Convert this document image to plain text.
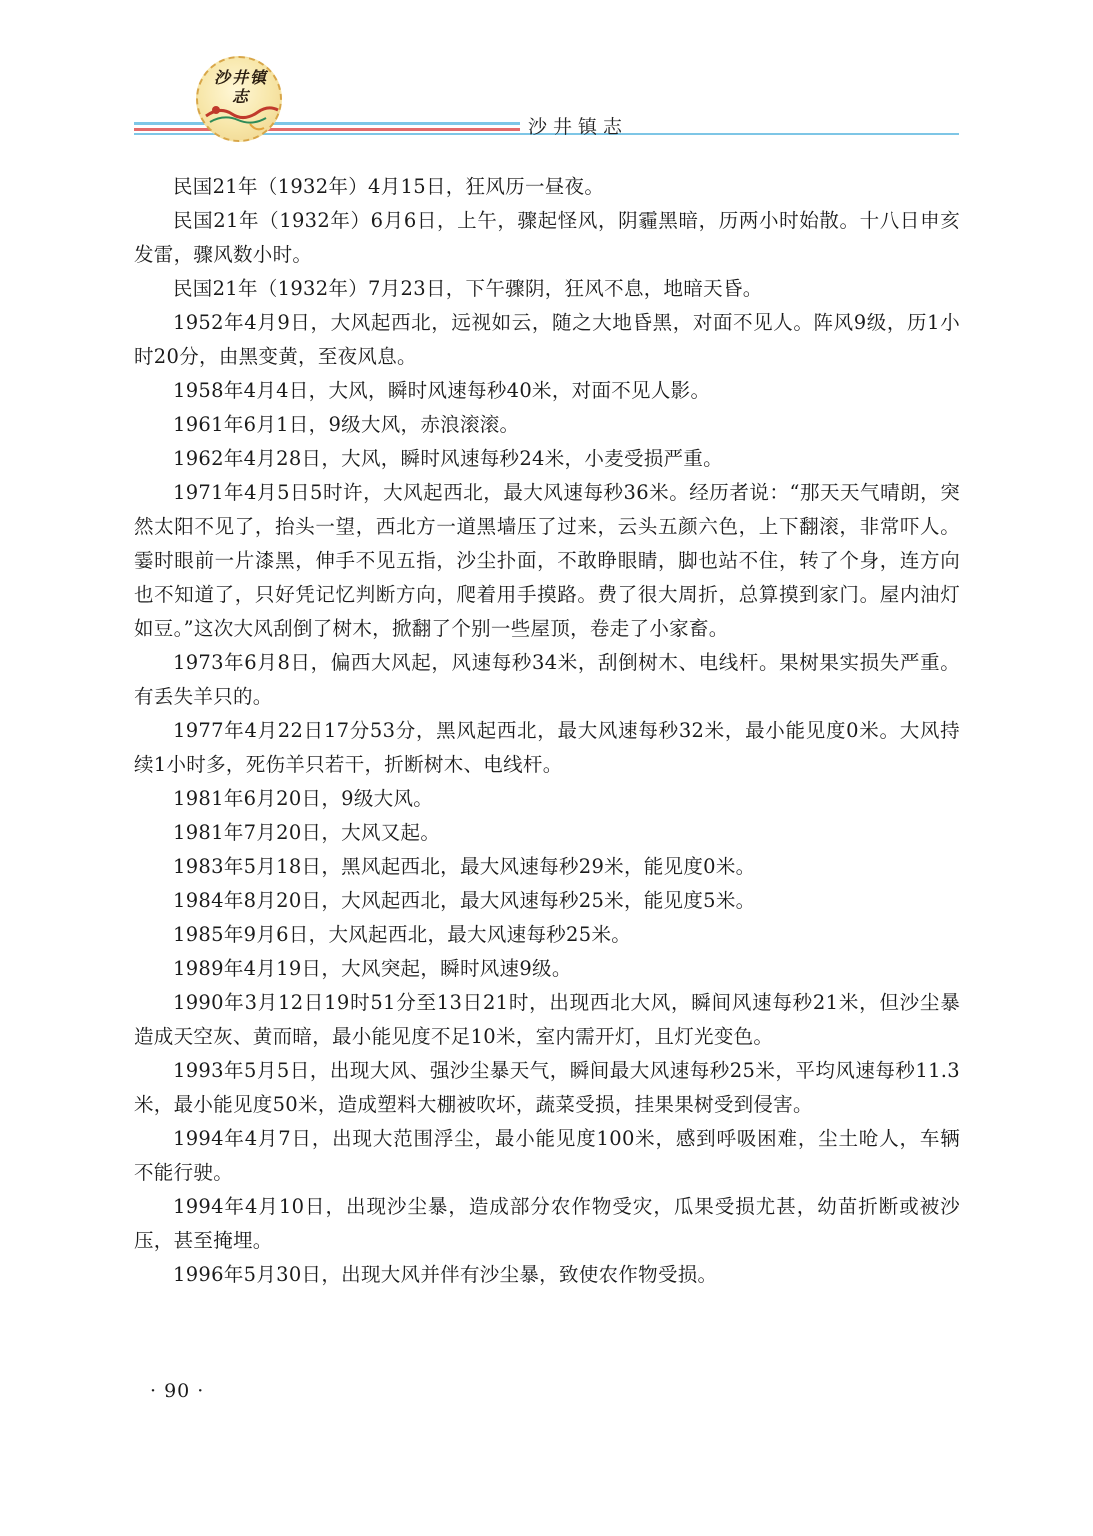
沙井镇志
沙井镇志

民国21年（1932年）4月15日，狂风历一昼夜。

民国21年（1932年）6月6日，上午，骤起怪风，阴霾黑暗，历两小时始散。十八日申亥发雷，骤风数小时。

民国21年（1932年）7月23日，下午骤阴，狂风不息，地暗天昏。

1952年4月9日，大风起西北，远视如云，随之大地昏黑，对面不见人。阵风9级，历1小时20分，由黑变黄，至夜风息。

1958年4月4日，大风，瞬时风速每秒40米，对面不见人影。

1961年6月1日，9级大风，赤浪滚滚。

1962年4月28日，大风，瞬时风速每秒24米，小麦受损严重。

1971年4月5日5时许，大风起西北，最大风速每秒36米。经历者说：“那天天气晴朗，突然太阳不见了，抬头一望，西北方一道黑墙压了过来，云头五颜六色，上下翻滚，非常吓人。霎时眼前一片漆黑，伸手不见五指，沙尘扑面，不敢睁眼睛，脚也站不住，转了个身，连方向也不知道了，只好凭记忆判断方向，爬着用手摸路。费了很大周折，总算摸到家门。屋内油灯如豆。”这次大风刮倒了树木，掀翻了个别一些屋顶，卷走了小家畜。

1973年6月8日，偏西大风起，风速每秒34米，刮倒树木、电线杆。果树果实损失严重。有丢失羊只的。

1977年4月22日17分53分，黑风起西北，最大风速每秒32米，最小能见度0米。大风持续1小时多，死伤羊只若干，折断树木、电线杆。

1981年6月20日，9级大风。

1981年7月20日，大风又起。

1983年5月18日，黑风起西北，最大风速每秒29米，能见度0米。

1984年8月20日，大风起西北，最大风速每秒25米，能见度5米。

1985年9月6日，大风起西北，最大风速每秒25米。

1989年4月19日，大风突起，瞬时风速9级。

1990年3月12日19时51分至13日21时，出现西北大风，瞬间风速每秒21米，但沙尘暴造成天空灰、黄而暗，最小能见度不足10米，室内需开灯，且灯光变色。

1993年5月5日，出现大风、强沙尘暴天气，瞬间最大风速每秒25米，平均风速每秒11.3米，最小能见度50米，造成塑料大棚被吹坏，蔬菜受损，挂果果树受到侵害。

1994年4月7日，出现大范围浮尘，最小能见度100米，感到呼吸困难，尘土呛人，车辆不能行驶。

1994年4月10日，出现沙尘暴，造成部分农作物受灾，瓜果受损尤甚，幼苗折断或被沙压，甚至掩埋。

1996年5月30日，出现大风并伴有沙尘暴，致使农作物受损。

· 90 ·
